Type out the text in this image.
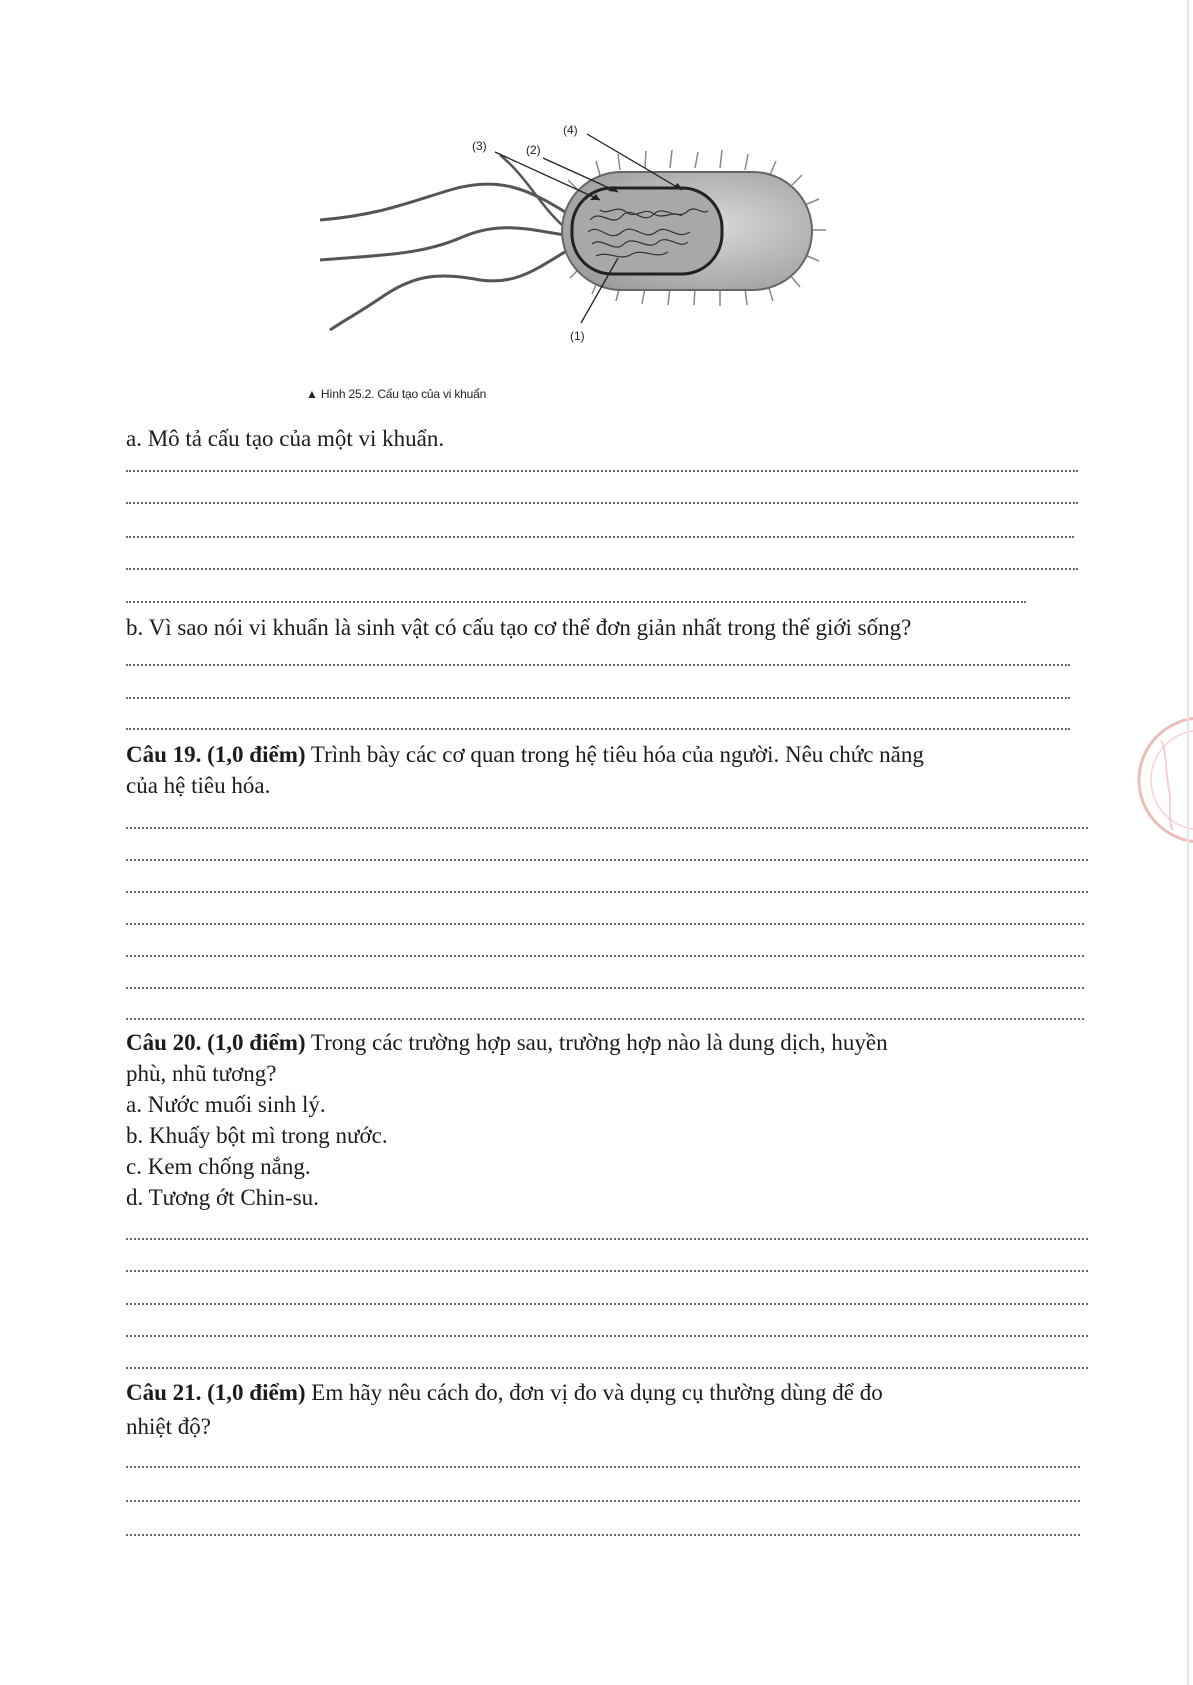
(4)
(3)	(2)
(1)
▲ Hình 25.2. Cấu tạo của vi khuẩn
a. Mô tả cấu tạo của một vi khuẩn.
b. Vì sao nói vi khuẩn là sinh vật có cấu tạo cơ thể đơn giản nhất trong thế giới sống?
Câu 19. (1,0 điểm) Trình bày các cơ quan trong hệ tiêu hóa của người. Nêu chức năng
của hệ tiêu hóa.
Câu 20. (1,0 điểm) Trong các trường hợp sau, trường hợp nào là dung dịch, huyền
phù, nhũ tương?
a. Nước muối sinh lý.
b. Khuấy bột mì trong nước.
c. Kem chống nắng.
d. Tương ớt Chin-su.
Câu 21. (1,0 điểm) Em hãy nêu cách đo, đơn vị đo và dụng cụ thường dùng để đo
nhiệt độ?
